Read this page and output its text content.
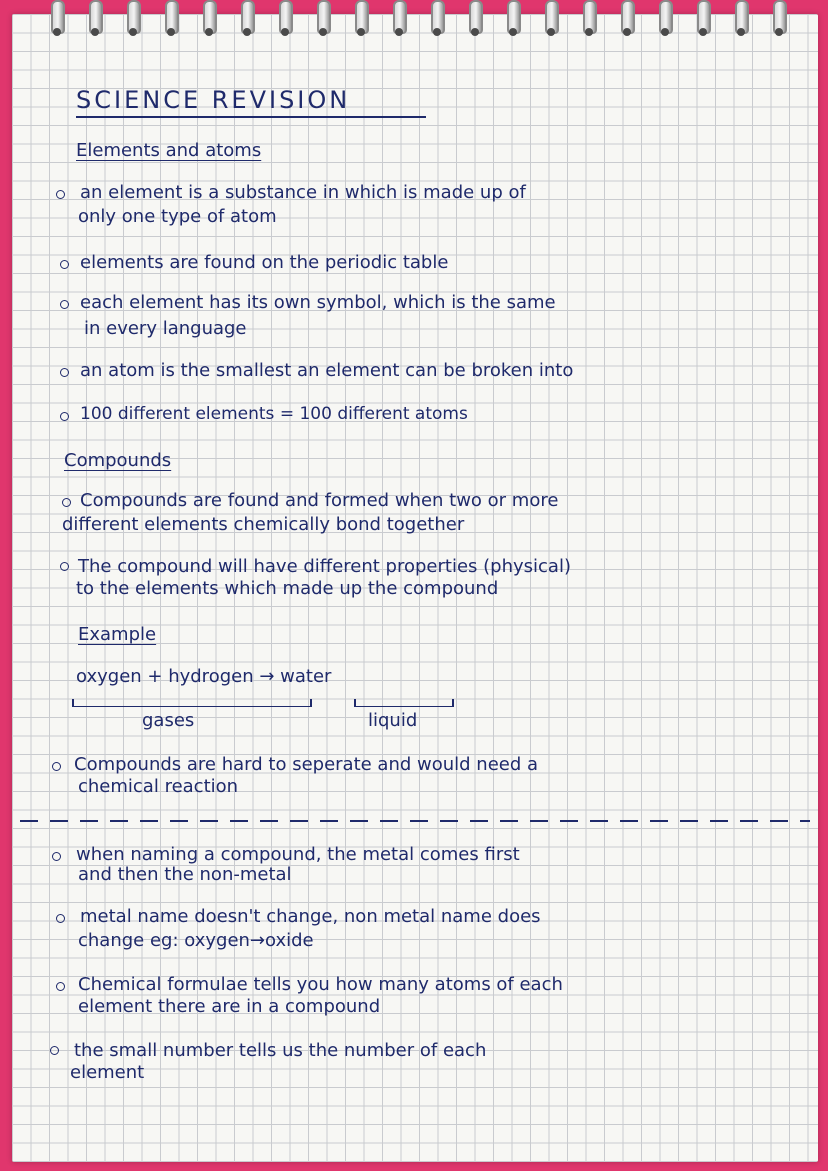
SCIENCE REVISION
Elements and atoms
an element is a substance in which is made up of
only one type of atom
elements are found on the periodic table
each element has its own symbol, which is the same
in every language
an atom is the smallest an element can be broken into
100 different elements = 100 different atoms
Compounds
Compounds are found and formed when two or more
different elements chemically bond together
The compound will have different properties (physical)
to the elements which made up the compound
Example
oxygen + hydrogen → water
gases	liquid
Compounds are hard to seperate and would need a
chemical reaction
when naming a compound, the metal comes first
and then the non-metal
metal name doesn't change, non metal name does
change eg: oxygen→oxide
Chemical formulae tells you how many atoms of each
element there are in a compound
the small number tells us the number of each
element
